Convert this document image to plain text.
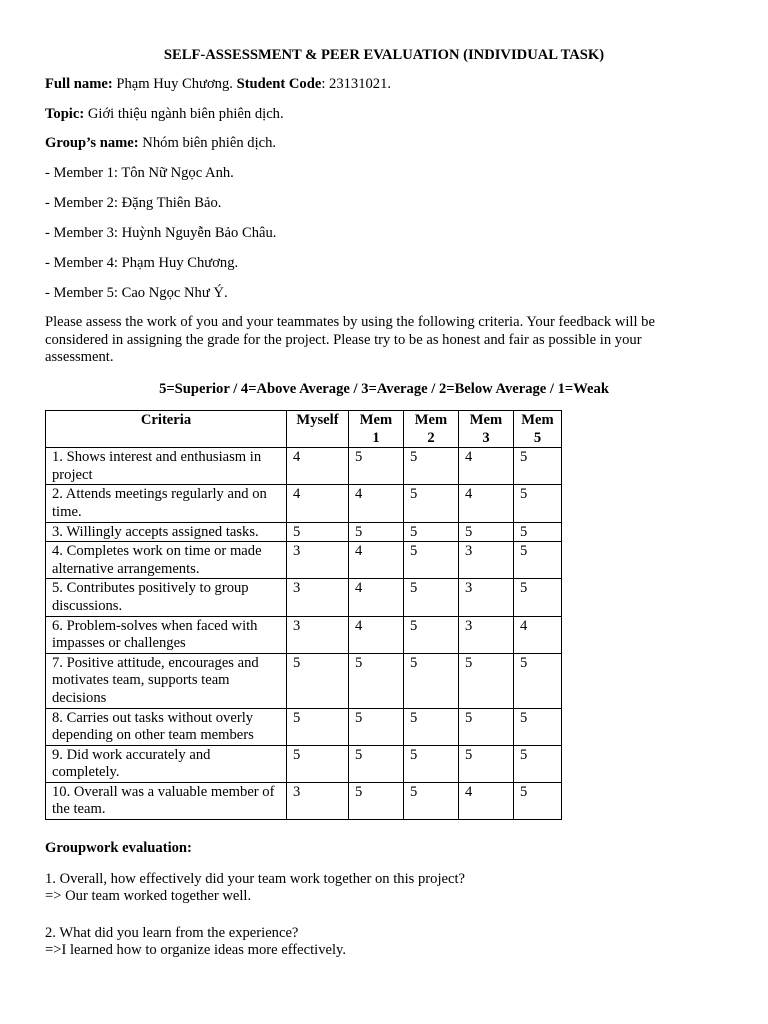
SELF-ASSESSMENT & PEER EVALUATION (INDIVIDUAL TASK)
Full name: Phạm Huy Chương. Student Code: 23131021.
Topic: Giới thiệu ngành biên phiên dịch.
Group’s name: Nhóm biên phiên dịch.
- Member 1: Tôn Nữ Ngọc Anh.
- Member 2: Đặng Thiên Bảo.
- Member 3: Huỳnh Nguyễn Bảo Châu.
- Member 4: Phạm Huy Chương.
- Member 5: Cao Ngọc Như Ý.
Please assess the work of you and your teammates by using the following criteria. Your feedback will be considered in assigning the grade for the project. Please try to be as honest and fair as possible in your assessment.
5=Superior / 4=Above Average / 3=Average / 2=Below Average / 1=Weak
Criteria	Myself	Mem 1	Mem 2	Mem 3	Mem 5
1. Shows interest and enthusiasm in project	4	5	5	4	5
2. Attends meetings regularly and on time.	4	4	5	4	5
3. Willingly accepts assigned tasks.	5	5	5	5	5
4. Completes work on time or made alternative arrangements.	3	4	5	3	5
5. Contributes positively to group discussions.	3	4	5	3	5
6. Problem-solves when faced with impasses or challenges	3	4	5	3	4
7. Positive attitude, encourages and motivates team, supports team decisions	5	5	5	5	5
8. Carries out tasks without overly depending on other team members	5	5	5	5	5
9. Did work accurately and completely.	5	5	5	5	5
10. Overall was a valuable member of the team.	3	5	5	4	5
Groupwork evaluation:
1. Overall, how effectively did your team work together on this project?
=> Our team worked together well.
2. What did you learn from the experience?
=>I learned how to organize ideas more effectively.
